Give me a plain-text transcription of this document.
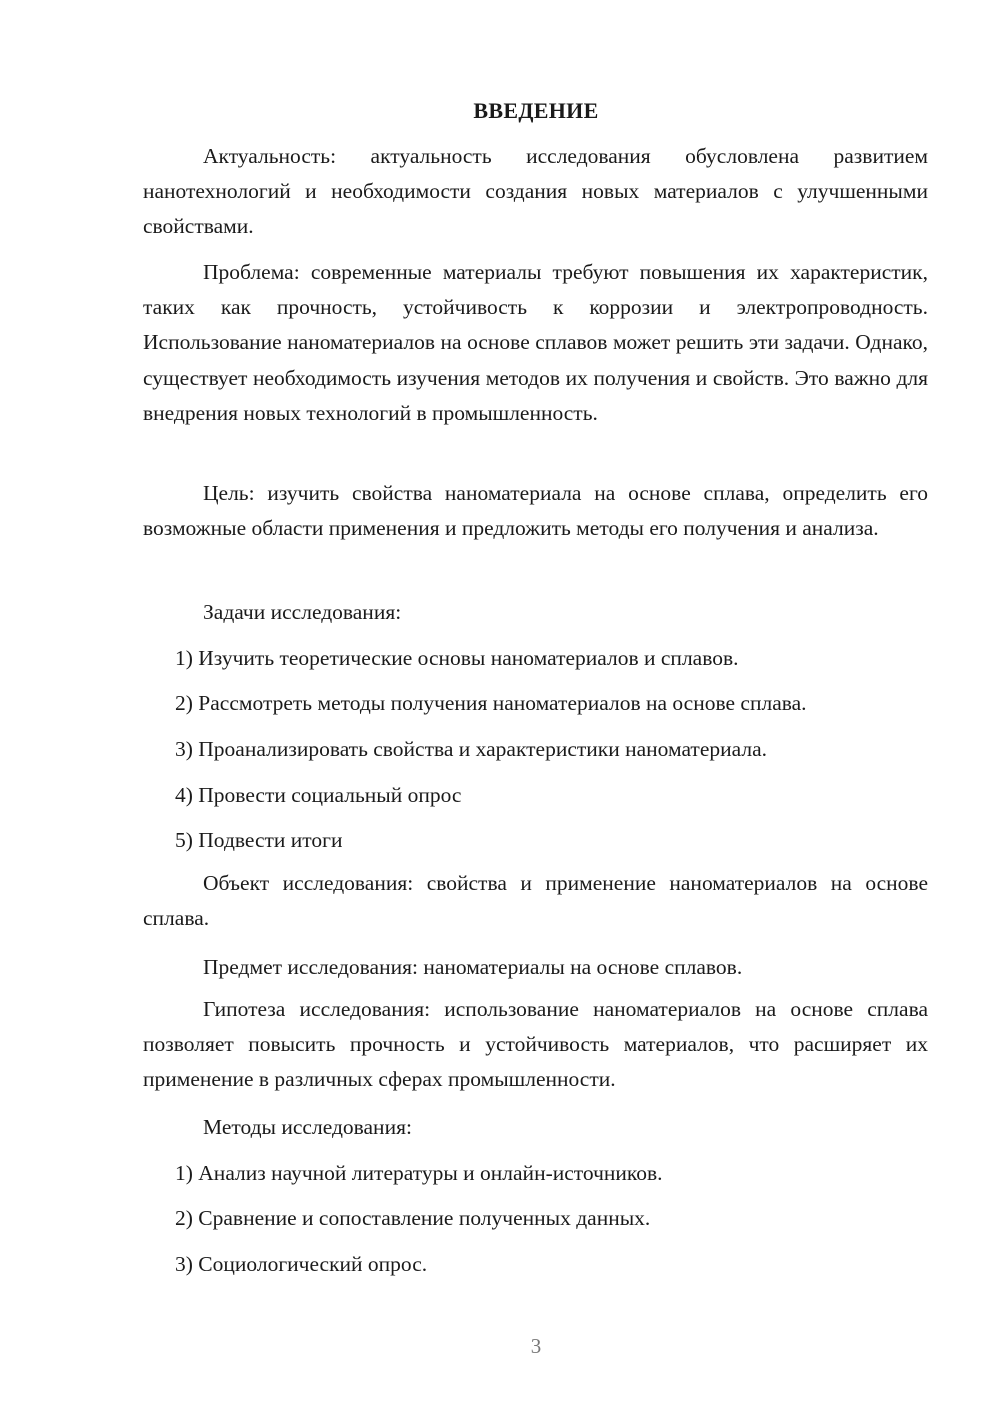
ВВЕДЕНИЕ

Актуальность: актуальность исследования обусловлена развитием нанотехнологий и необходимости создания новых материалов с улучшенными свойствами.

Проблема: современные материалы требуют повышения их характеристик, таких как прочность, устойчивость к коррозии и электропроводность. Использование наноматериалов на основе сплавов может решить эти задачи. Однако, существует необходимость изучения методов их получения и свойств. Это важно для внедрения новых технологий в промышленность.

Цель: изучить свойства наноматериала на основе сплава, определить его возможные области применения и предложить методы его получения и анализа.

Задачи исследования:
1) Изучить теоретические основы наноматериалов и сплавов.
2) Рассмотреть методы получения наноматериалов на основе сплава.
3) Проанализировать свойства и характеристики наноматериала.
4) Провести социальный опрос
5) Подвести итоги

Объект исследования: свойства и применение наноматериалов на основе сплава.

Предмет исследования: наноматериалы на основе сплавов.

Гипотеза исследования: использование наноматериалов на основе сплава позволяет повысить прочность и устойчивость материалов, что расширяет их применение в различных сферах промышленности.

Методы исследования:
1) Анализ научной литературы и онлайн-источников.
2) Сравнение и сопоставление полученных данных.
3) Социологический опрос.
3
